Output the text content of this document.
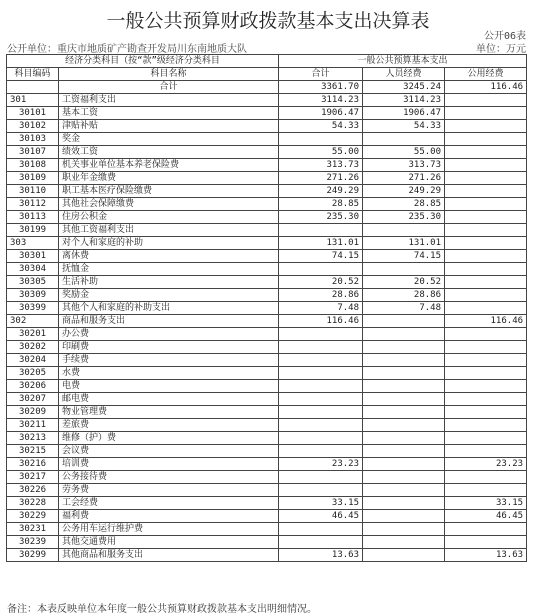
一般公共预算财政拨款基本支出决算表
公开06表
公开单位：重庆市地质矿产勘查开发局川东南地质大队	单位：万元
经济分类科目（按“款”级经济分类科目		一般公共预算基本支出		
科目编码	科目名称	合计	人员经费	公用经费
	合计	3361.70	3245.24	116.46
301	工资福利支出	3114.23	3114.23	
30101	基本工资	1906.47	1906.47	
30102	津贴补贴	54.33	54.33	
30103	奖金			
30107	绩效工资	55.00	55.00	
30108	机关事业单位基本养老保险费	313.73	313.73	
30109	职业年金缴费	271.26	271.26	
30110	职工基本医疗保险缴费	249.29	249.29	
30112	其他社会保障缴费	28.85	28.85	
30113	住房公积金	235.30	235.30	
30199	其他工资福利支出			
303	对个人和家庭的补助	131.01	131.01	
30301	离休费	74.15	74.15	
30304	抚恤金			
30305	生活补助	20.52	20.52	
30309	奖励金	28.86	28.86	
30399	其他个人和家庭的补助支出	7.48	7.48	
302	商品和服务支出	116.46		116.46
30201	办公费			
30202	印刷费			
30204	手续费			
30205	水费			
30206	电费			
30207	邮电费			
30209	物业管理费			
30211	差旅费			
30213	维修（护）费			
30215	会议费			
30216	培训费	23.23		23.23
30217	公务接待费			
30226	劳务费			
30228	工会经费	33.15		33.15
30229	福利费	46.45		46.45
30231	公务用车运行维护费			
30239	其他交通费用			
30299	其他商品和服务支出	13.63		13.63
备注：本表反映单位本年度一般公共预算财政拨款基本支出明细情况。
